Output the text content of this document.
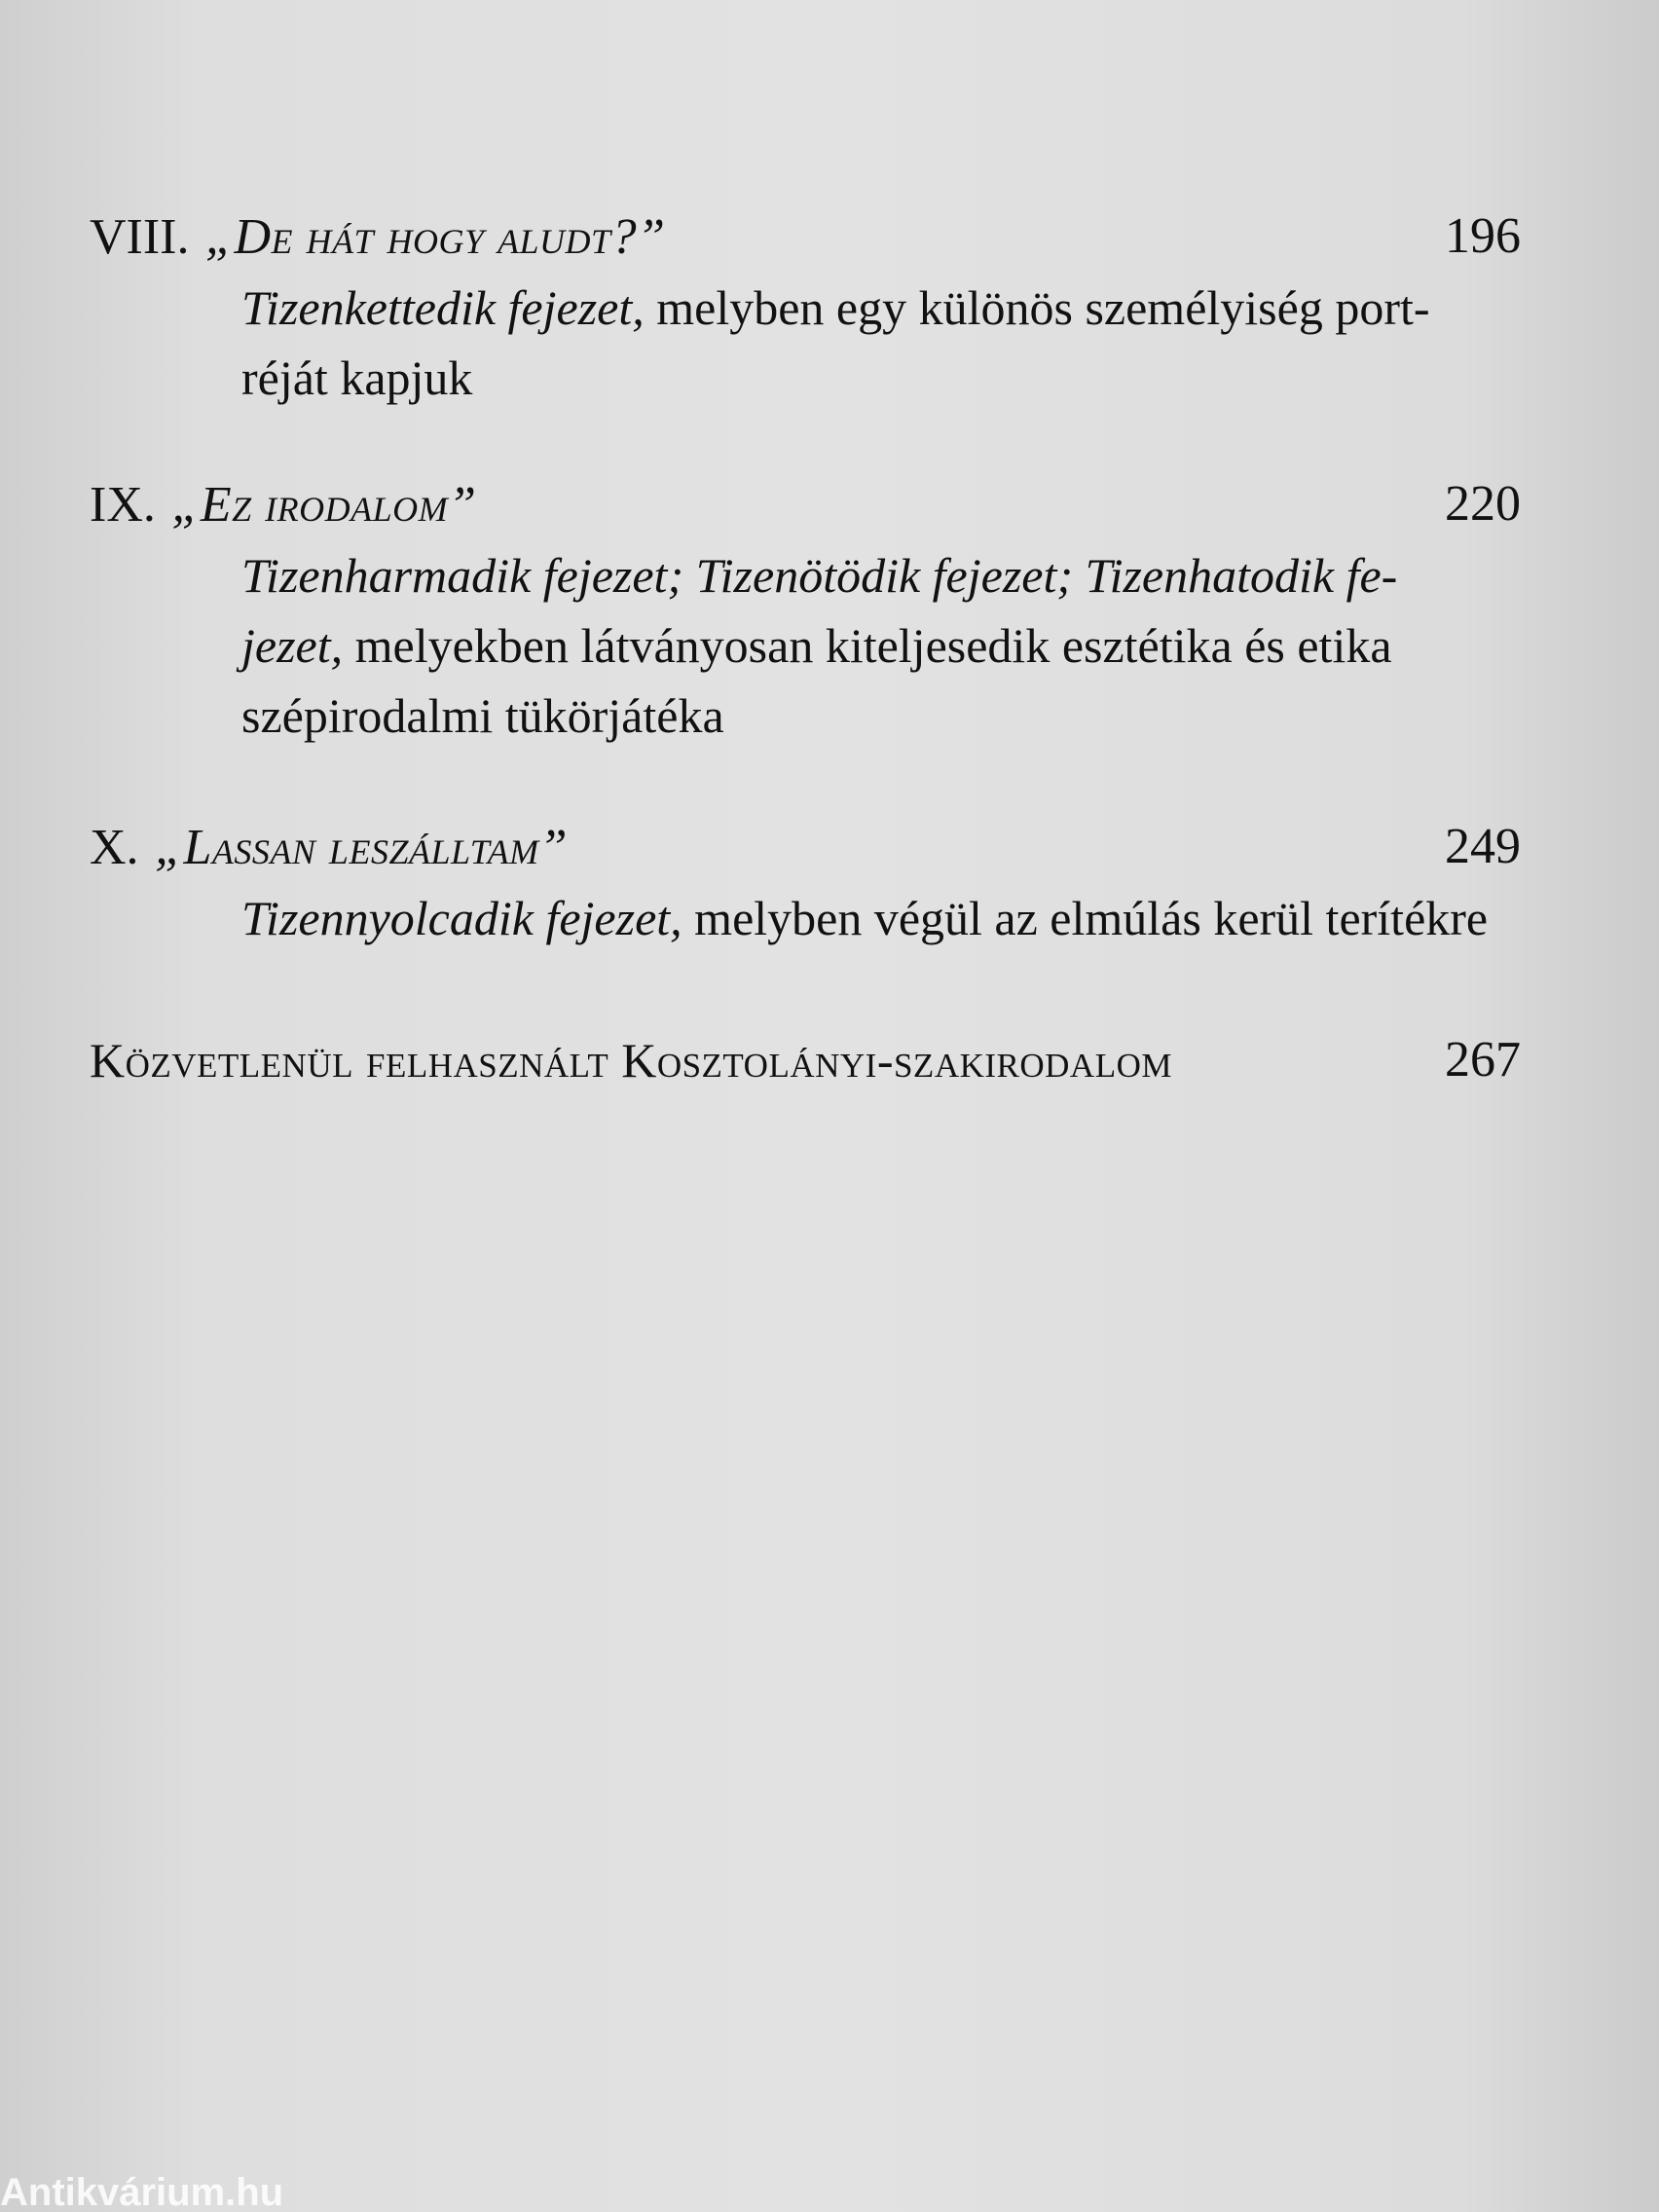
VIII. „De hát hogy aludt?”	196
Tizenkettedik fejezet, melyben egy különös személyiség port-
réját kapjuk
IX. „Ez irodalom”	220
Tizenharmadik fejezet; Tizenötödik fejezet; Tizenhatodik fe-
jezet, melyekben látványosan kiteljesedik esztétika és etika
szépirodalmi tükörjátéka
X. „Lassan leszálltam”	249
Tizennyolcadik fejezet, melyben végül az elmúlás kerül terítékre
Közvetlenül felhasznált Kosztolányi-szakirodalom	267
Antikvárium.hu
